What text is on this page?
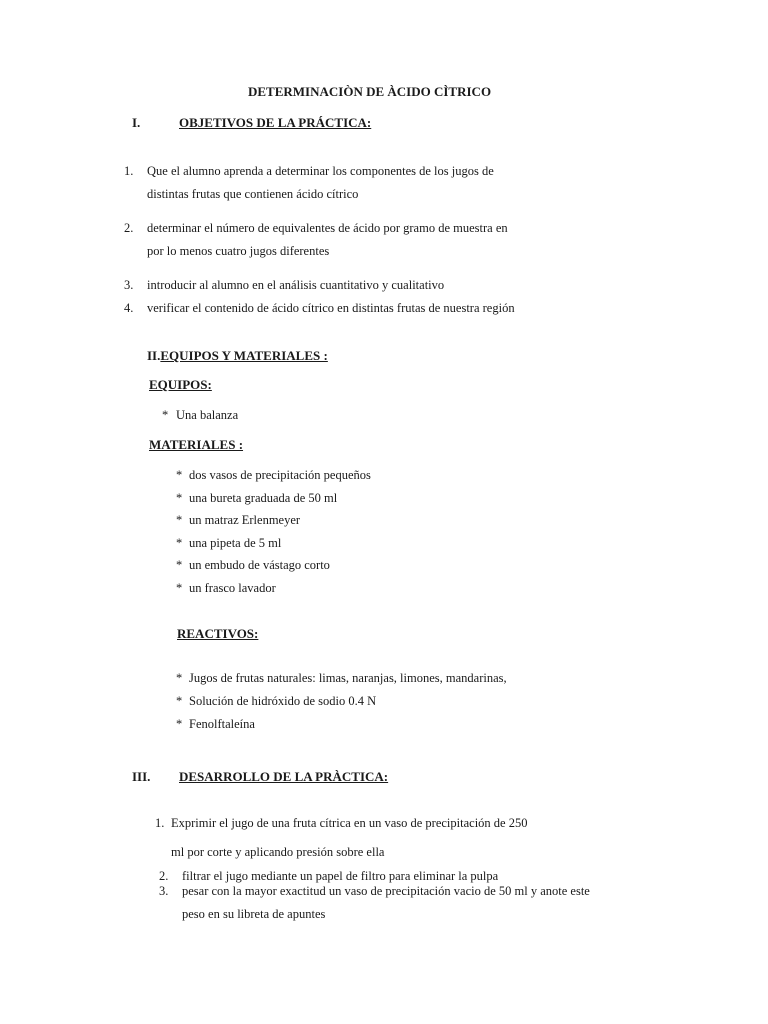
DETERMINACIÒN DE ÀCIDO CÌTRICO
I.	OBJETIVOS DE LA PRÁCTICA:
1. Que el alumno aprenda a determinar los componentes de los jugos de
distintas frutas que contienen ácido cítrico
2. determinar el número de equivalentes de ácido por gramo de muestra en
por lo menos cuatro jugos diferentes
3. introducir al alumno en el análisis cuantitativo y cualitativo
4. verificar el contenido de ácido cítrico en distintas frutas de nuestra región
II.EQUIPOS Y MATERIALES :
EQUIPOS:
* Una balanza
MATERIALES :
* dos vasos de precipitación pequeños
* una bureta graduada de 50 ml
* un matraz Erlenmeyer
* una pipeta de 5 ml
* un embudo de vástago corto
* un frasco lavador
REACTIVOS:
* Jugos de frutas naturales: limas, naranjas, limones, mandarinas,
* Solución de hidróxido de sodio 0.4 N
* Fenolftaleína
III. DESARROLLO DE LA PRÀCTICA:
1. Exprimir el jugo de una fruta cítrica en un vaso de precipitación de 250
ml por corte y aplicando presión sobre ella
2. filtrar el jugo mediante un papel de filtro para eliminar la pulpa
3. pesar con la mayor exactitud un vaso de precipitación vacio de 50 ml y anote este
peso en su libreta de apuntes
